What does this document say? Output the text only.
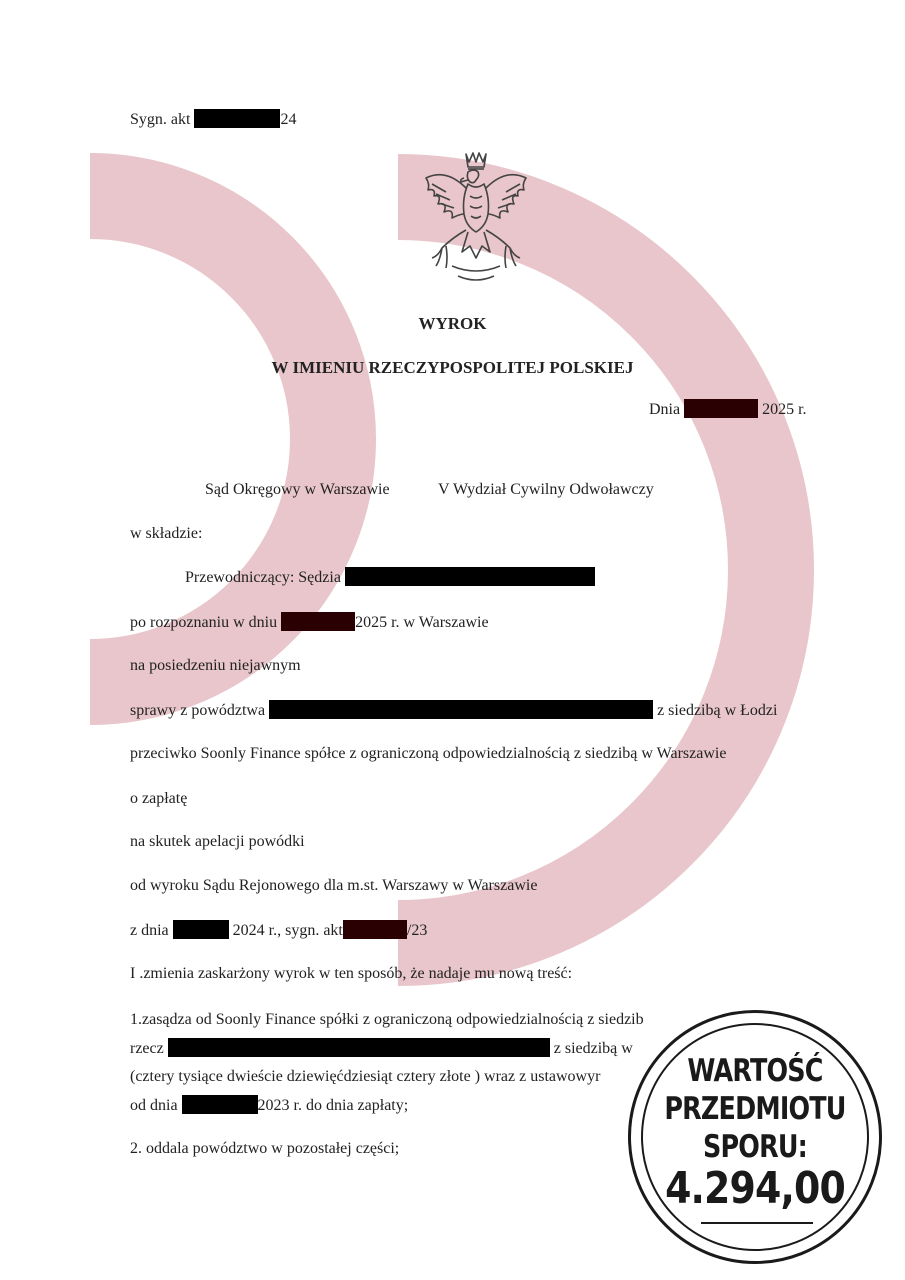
Sygn. akt	24
WYROK
W IMIENIU RZECZYPOSPOLITEJ POLSKIEJ
Dnia	2025 r.
Sąd Okręgowy w Warszawie	V Wydział Cywilny Odwoławczy
w składzie:
Przewodniczący: Sędzia
po rozpoznaniu w dniu	2025 r. w Warszawie
na posiedzeniu niejawnym
sprawy z powództwa	z siedzibą w Łodzi
przeciwko Soonly Finance spółce z ograniczoną odpowiedzialnością z siedzibą w Warszawie
o zapłatę
na skutek apelacji powódki
od wyroku Sądu Rejonowego dla m.st. Warszawy w Warszawie
z dnia	2024 r., sygn. akt	/23
I .zmienia zaskarżony wyrok w ten sposób, że nadaje mu nową treść:
1.zasądza od Soonly Finance spółki z ograniczoną odpowiedzialnością z siedzib
rzecz	z siedzibą w
(cztery tysiące dwieście dziewięćdziesiąt cztery złote ) wraz z ustawowyr
od dnia	2023 r. do dnia zapłaty;
2. oddala powództwo w pozostałej części;
WARTOŚĆ
PRZEDMIOTU
SPORU:
4.294,00
